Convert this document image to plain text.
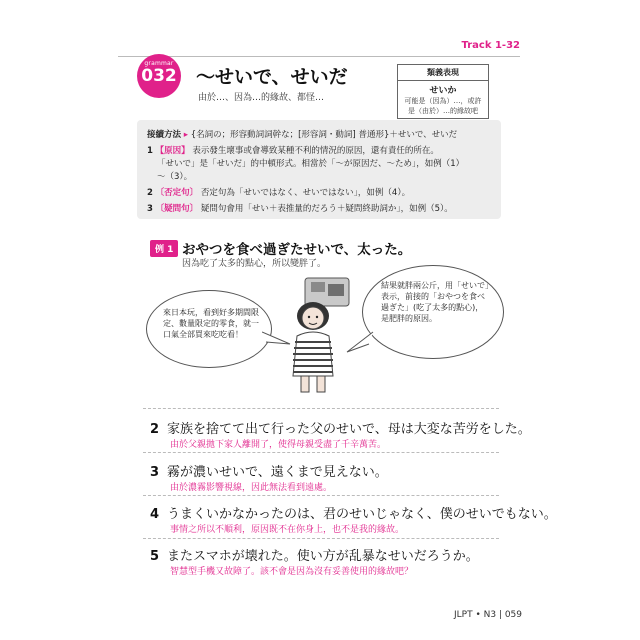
Track 1-32
grammar
032 〜せいで、せいだ
由於…、因為…的緣故、都怪…
類義表現
せいか
可能是（因為）…，或許
是（由於）…的緣故吧
接續方法 ▸ {名詞の；形容動詞詞幹な；[形容詞・動詞] 普通形}＋せいで、せいだ
1 【原因】 表示發生壞事或會導致某種不利的情況的原因，還有責任的所在。
「せいで」是「せいだ」的中頓形式。相當於「〜が原因だ、〜ため」，如例（1）
〜（3）。
2 〔否定句〕 否定句為「せいではなく、せいではない」，如例（4）。
3 〔疑問句〕 疑問句會用「せい＋表推量的だろう＋疑問終助詞か」，如例（5）。
例 1 おやつを食べ過ぎたせいで、太った。
因為吃了太多的點心，所以變胖了。
來日本玩，看到好多期間限定、數量限定的零食，就一口氣全部買來吃吃看！
結果就胖兩公斤，用「せいで」表示，前接的「おやつを食べ過ぎた」(吃了太多的點心)，是肥胖的原因。
2 家族を捨てて出て行った父のせいで、母は大変な苦労をした。
由於父親拋下家人離開了，使得母親受盡了千辛萬苦。
3 霧が濃いせいで、遠くまで見えない。
由於濃霧影響視線，因此無法看到遠處。
4 うまくいかなかったのは、君のせいじゃなく、僕のせいでもない。
事情之所以不順利，原因既不在你身上，也不是我的緣故。
5 またスマホが壊れた。使い方が乱暴なせいだろうか。
智慧型手機又故障了。該不會是因為沒有妥善使用的緣故吧？
JLPT • N3 | 059
